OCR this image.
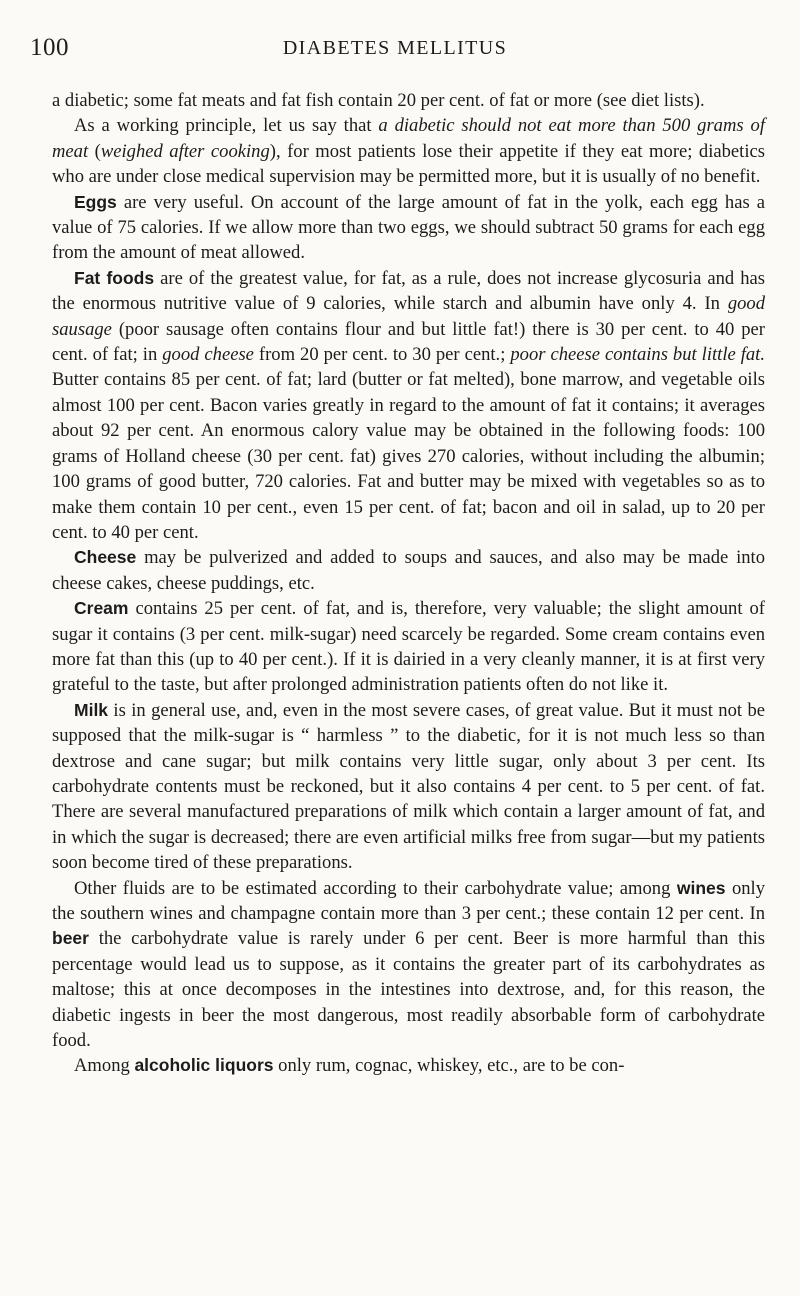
100	DIABETES MELLITUS

a diabetic; some fat meats and fat fish contain 20 per cent. of fat or more (see diet lists).

As a working principle, let us say that a diabetic should not eat more than 500 grams of meat (weighed after cooking), for most patients lose their appetite if they eat more; diabetics who are under close medical supervision may be permitted more, but it is usually of no benefit.

Eggs are very useful. On account of the large amount of fat in the yolk, each egg has a value of 75 calories. If we allow more than two eggs, we should subtract 50 grams for each egg from the amount of meat allowed.

Fat foods are of the greatest value, for fat, as a rule, does not increase glycosuria and has the enormous nutritive value of 9 calories, while starch and albumin have only 4. In good sausage (poor sausage often contains flour and but little fat!) there is 30 per cent. to 40 per cent. of fat; in good cheese from 20 per cent. to 30 per cent.; poor cheese contains but little fat. Butter contains 85 per cent. of fat; lard (butter or fat melted), bone marrow, and vegetable oils almost 100 per cent. Bacon varies greatly in regard to the amount of fat it contains; it averages about 92 per cent. An enormous calory value may be obtained in the following foods: 100 grams of Holland cheese (30 per cent. fat) gives 270 calories, without including the albumin; 100 grams of good butter, 720 calories. Fat and butter may be mixed with vegetables so as to make them contain 10 per cent., even 15 per cent. of fat; bacon and oil in salad, up to 20 per cent. to 40 per cent.

Cheese may be pulverized and added to soups and sauces, and also may be made into cheese cakes, cheese puddings, etc.

Cream contains 25 per cent. of fat, and is, therefore, very valuable; the slight amount of sugar it contains (3 per cent. milk-sugar) need scarcely be regarded. Some cream contains even more fat than this (up to 40 per cent.). If it is dairied in a very cleanly manner, it is at first very grateful to the taste, but after prolonged administration patients often do not like it.

Milk is in general use, and, even in the most severe cases, of great value. But it must not be supposed that the milk-sugar is “ harmless ” to the diabetic, for it is not much less so than dextrose and cane sugar; but milk contains very little sugar, only about 3 per cent. Its carbohydrate contents must be reckoned, but it also contains 4 per cent. to 5 per cent. of fat. There are several manufactured preparations of milk which contain a larger amount of fat, and in which the sugar is decreased; there are even artificial milks free from sugar—but my patients soon become tired of these preparations.

Other fluids are to be estimated according to their carbohydrate value; among wines only the southern wines and champagne contain more than 3 per cent.; these contain 12 per cent. In beer the carbohydrate value is rarely under 6 per cent. Beer is more harmful than this percentage would lead us to suppose, as it contains the greater part of its carbohydrates as maltose; this at once decomposes in the intestines into dextrose, and, for this reason, the diabetic ingests in beer the most dangerous, most readily absorbable form of carbohydrate food.

Among alcoholic liquors only rum, cognac, whiskey, etc., are to be con-
